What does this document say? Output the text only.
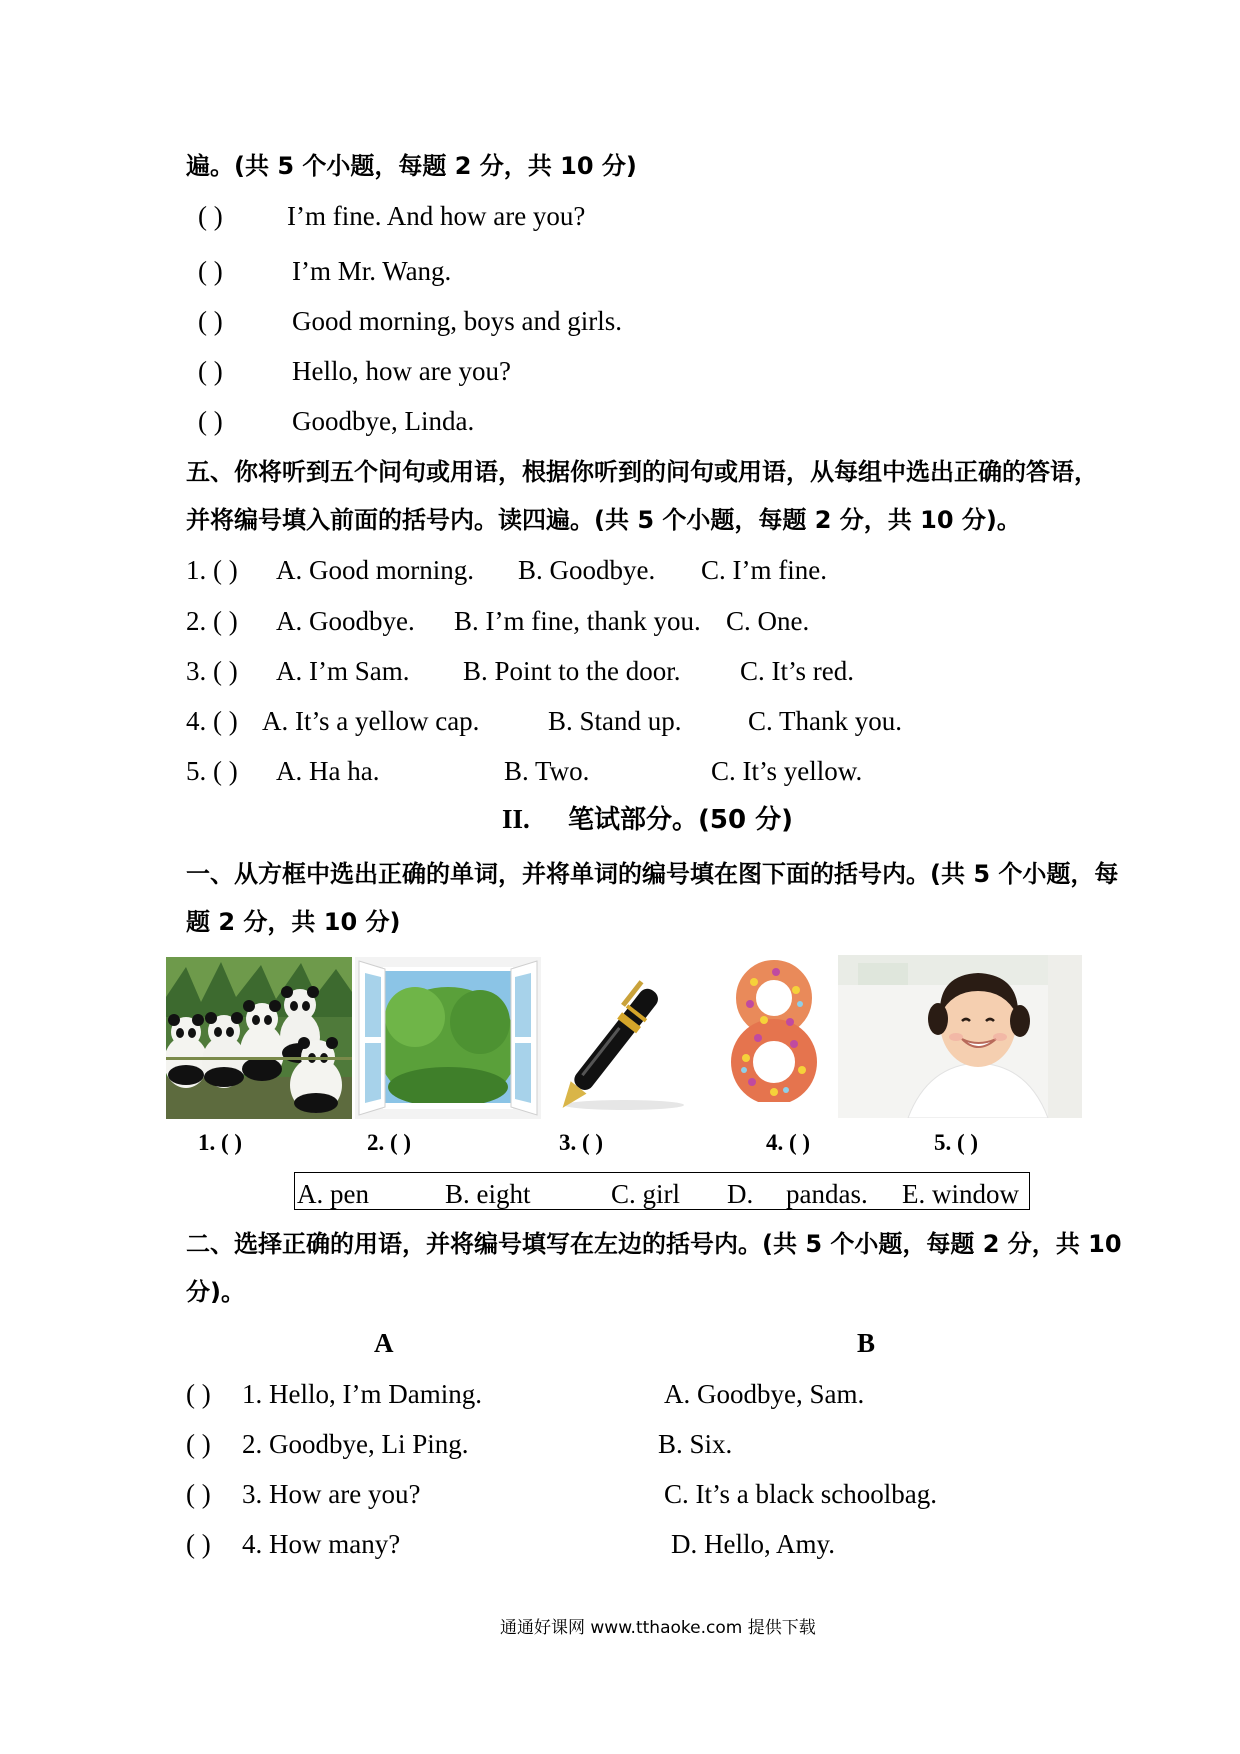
遍。(共 5 个小题，每题 2 分，共 10 分)
( ) I’m fine. And how are you?
( )	I’m Mr. Wang.
( )	Good morning, boys and girls.
( )	Hello, how are you?
( )	Goodbye, Linda.
五、你将听到五个问句或用语，根据你听到的问句或用语，从每组中选出正确的答语，
并将编号填入前面的括号内。读四遍。(共 5 个小题，每题 2 分，共 10 分)。
1. ( ) A. Good morning. B. Goodbye. C. I’m fine.
2. ( ) A. Goodbye. B. I’m fine, thank you. C. One.
3. ( ) A. I’m Sam. B. Point to the door. C. It’s red.
4. ( ) A. It’s a yellow cap.	B. Stand up. C. Thank you.
5. ( ) A. Ha ha.	B. Two.	C. It’s yellow.
II. 笔试部分。(50 分)
一、从方框中选出正确的单词，并将单词的编号填在图下面的括号内。(共 5 个小题，每
题 2 分，共 10 分)
1. ( )	2. ( )	3. ( )	4. ( )	5. ( )
A. pen	B. eight	C. girl D. pandas. E. window
二、选择正确的用语，并将编号填写在左边的括号内。(共 5 个小题，每题 2 分，共 10
分)。
A	B
( ) 1. Hello, I’m Daming.	A. Goodbye, Sam.
( ) 2. Goodbye, Li Ping.	B. Six.
( ) 3. How are you?	C. It’s a black schoolbag.
( ) 4. How many?	D. Hello, Amy.
通通好课网 www.tthaoke.com 提供下载
